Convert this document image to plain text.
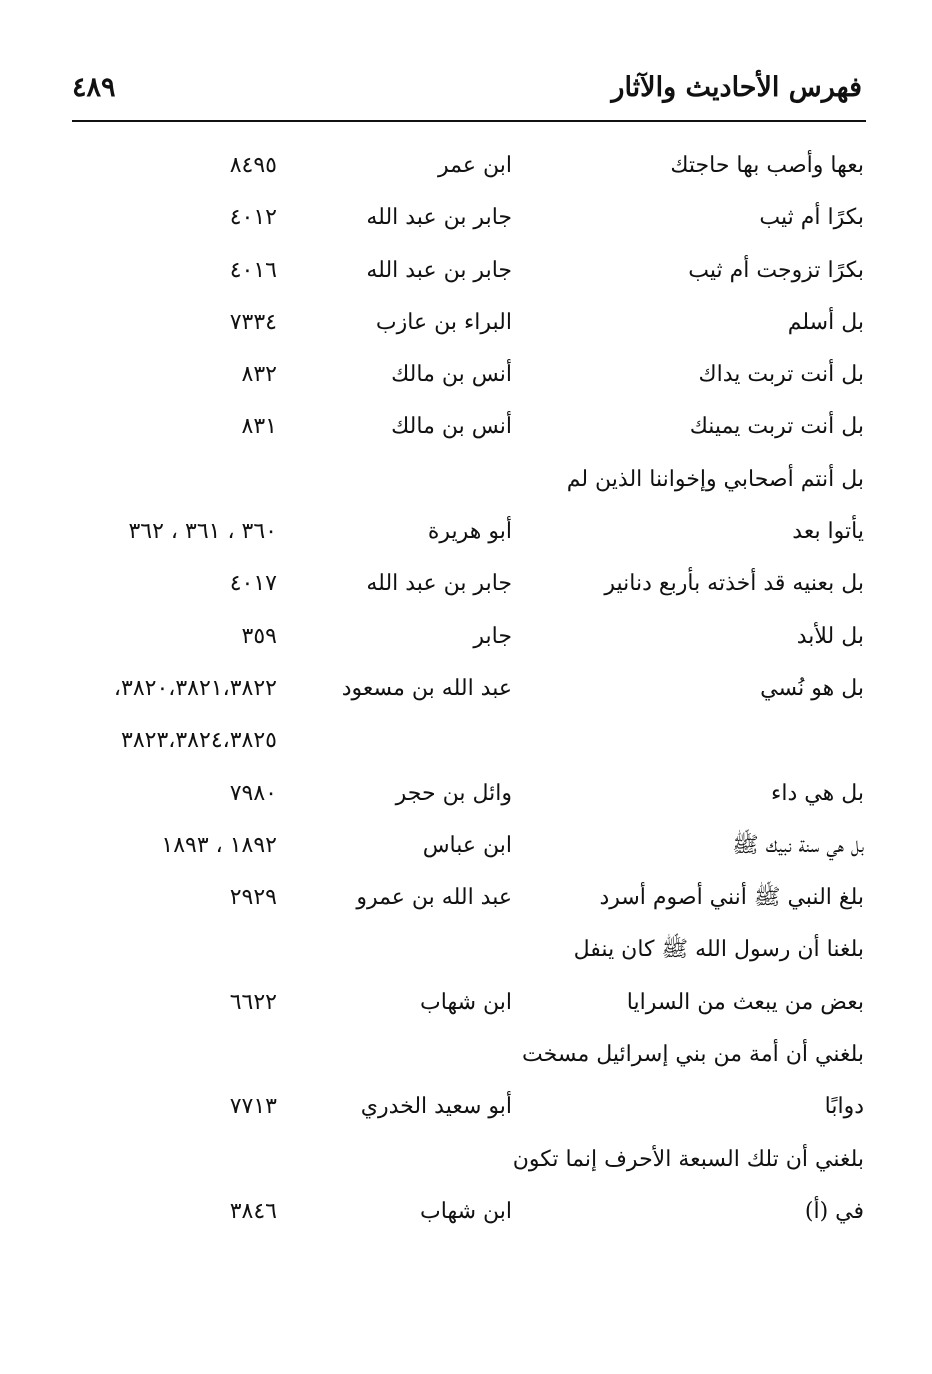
فهرس الأحاديث والآثار
٤٨٩
بعها وأصب بها حاجتك
ابن عمر
٨٤٩٥
بكرًا أم ثيب
جابر بن عبد الله
٤٠١٢
بكرًا تزوجت أم ثيب
جابر بن عبد الله
٤٠١٦
بل أسلم
البراء بن عازب
٧٣٣٤
بل أنت تربت يداك
أنس بن مالك
٨٣٢
بل أنت تربت يمينك
أنس بن مالك
٨٣١
بل أنتم أصحابي وإخواننا الذين لم
يأتوا بعد
أبو هريرة
٣٦٠ ، ٣٦١ ، ٣٦٢
بل بعنيه قد أخذته بأربع دنانير
جابر بن عبد الله
٤٠١٧
بل للأبد
جابر
٣٥٩
بل هو نُسي
عبد الله بن مسعود
٣٨٢٠،٣٨٢١،٣٨٢٢،
٣٨٢٣،٣٨٢٤،٣٨٢٥
بل هي داء
وائل بن حجر
٧٩٨٠
بل هي سنة نبيك ﷺ
ابن عباس
١٨٩٢ ، ١٨٩٣
بلغ النبي ﷺ أنني أصوم أسرد
عبد الله بن عمرو
٢٩٢٩
بلغنا أن رسول الله ﷺ كان ينفل
بعض من يبعث من السرايا
ابن شهاب
٦٦٢٢
بلغني أن أمة من بني إسرائيل مسخت
دوابًا
أبو سعيد الخدري
٧٧١٣
بلغني أن تلك السبعة الأحرف إنما تكون
في (أ)
ابن شهاب
٣٨٤٦
